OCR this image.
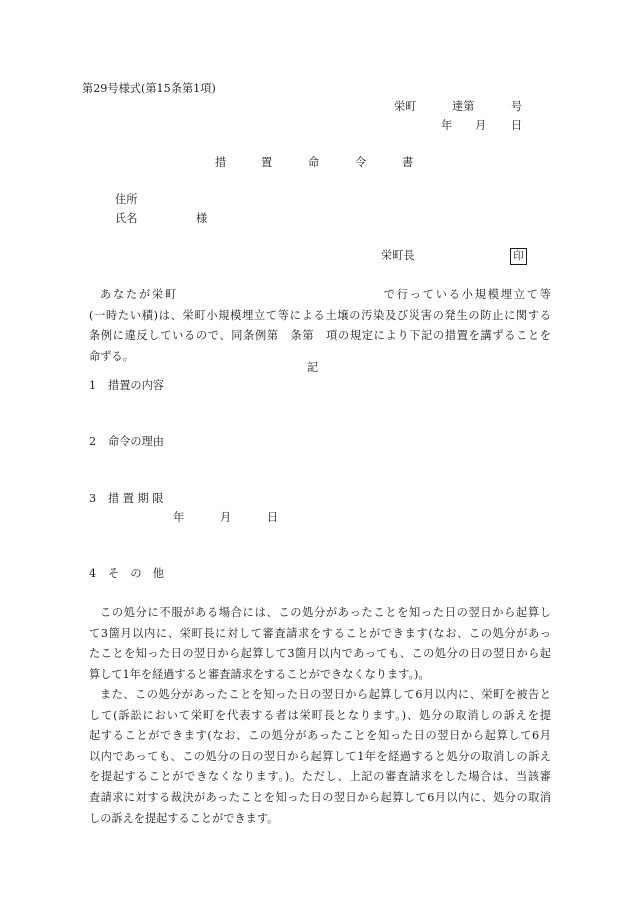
第29号様式(第15条第1項)
栄町	達第	号
年 月 日
措	置	命	令	書
住所
氏名	様
栄町長	印
あなたが栄町	で行っている小規模埋立て等
(一時たい積)は、栄町小規模埋立て等による土壌の汚染及び災害の発生の防止に関する
条例に違反しているので、同条例第　条第　項の規定により下記の措置を講ずることを
命ずる。
記
1 措置の内容
2 命令の理由
3 措 置 期 限
年	月	日
4 そ　の　他
この処分に不服がある場合には、この処分があったことを知った日の翌日から起算し
て3箇月以内に、栄町長に対して審査請求をすることができます(なお、この処分があっ
たことを知った日の翌日から起算して3箇月以内であっても、この処分の日の翌日から起
算して1年を経過すると審査請求をすることができなくなります。)。
また、この処分があったことを知った日の翌日から起算して6月以内に、栄町を被告と
して(訴訟において栄町を代表する者は栄町長となります。)、処分の取消しの訴えを提
起することができます(なお、この処分があったことを知った日の翌日から起算して6月
以内であっても、この処分の日の翌日から起算して1年を経過すると処分の取消しの訴え
を提起することができなくなります。)。ただし、上記の審査請求をした場合は、当該審
査請求に対する裁決があったことを知った日の翌日から起算して6月以内に、処分の取消
しの訴えを提起することができます。
